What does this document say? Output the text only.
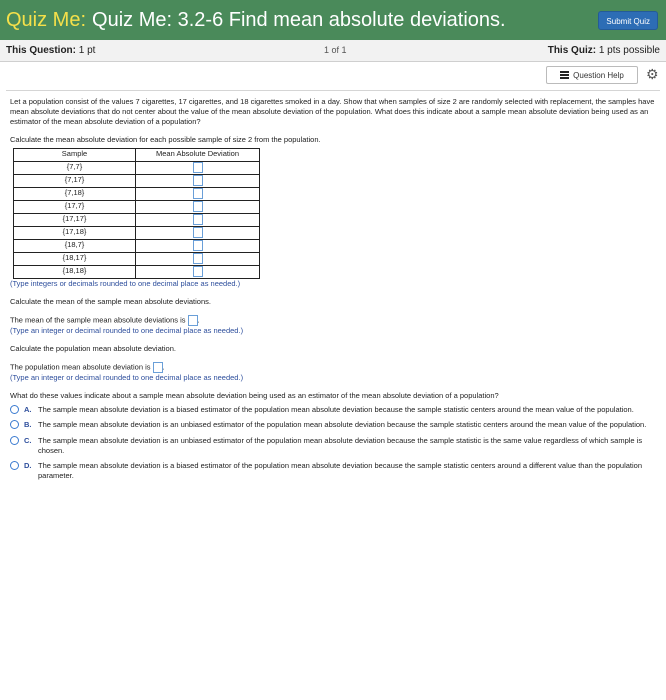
Quiz Me: Quiz Me: 3.2-6 Find mean absolute deviations.	Submit Quiz
This Question: 1 pt	1 of 1	This Quiz: 1 pts possible
Question Help ⚙

Let a population consist of the values 7 cigarettes, 17 cigarettes, and 18 cigarettes smoked in a day. Show that when samples of size 2 are randomly selected with replacement, the samples have mean absolute deviations that do not center about the value of the mean absolute deviation of the population. What does this indicate about a sample mean absolute deviation being used as an estimator of the mean absolute deviation of a population?

Calculate the mean absolute deviation for each possible sample of size 2 from the population.

Sample	Mean Absolute Deviation
{7,7}	
{7,17}	
{7,18}	
{17,7}	
{17,17}	
{17,18}	
{18,7}	
{18,17}	
{18,18}	

(Type integers or decimals rounded to one decimal place as needed.)

Calculate the mean of the sample mean absolute deviations.

The mean of the sample mean absolute deviations is .

(Type an integer or decimal rounded to one decimal place as needed.)

Calculate the population mean absolute deviation.

The population mean absolute deviation is .

(Type an integer or decimal rounded to one decimal place as needed.)

What do these values indicate about a sample mean absolute deviation being used as an estimator of the mean absolute deviation of a population?

A. The sample mean absolute deviation is a biased estimator of the population mean absolute deviation because the sample statistic centers around the mean value of the population.
B. The sample mean absolute deviation is an unbiased estimator of the population mean absolute deviation because the sample statistic centers around the mean value of the population.
C. The sample mean absolute deviation is an unbiased estimator of the population mean absolute deviation because the sample statistic is the same value regardless of which sample is chosen.
D. The sample mean absolute deviation is a biased estimator of the population mean absolute deviation because the sample statistic centers around a different value than the population parameter.
